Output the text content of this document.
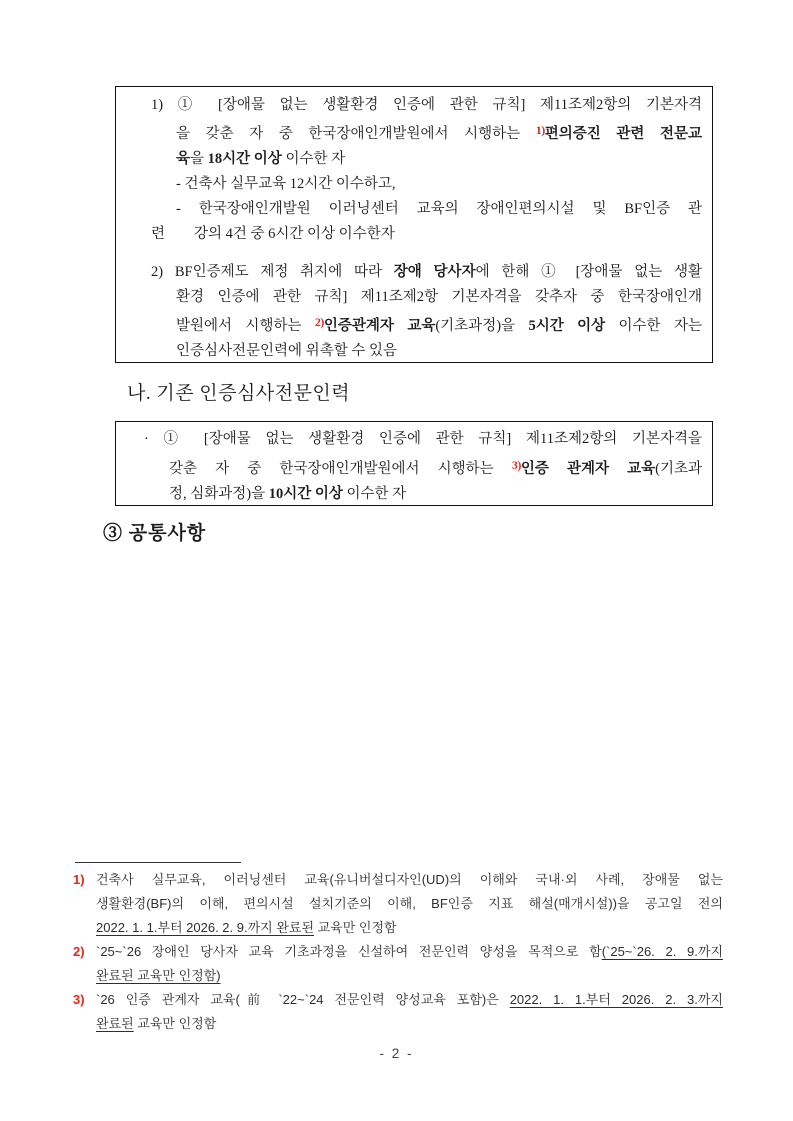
1) ① [장애물 없는 생활환경 인증에 관한 규칙] 제11조제2항의 기본자격
을 갖춘 자 중 한국장애인개발원에서 시행하는 $^{1)}$편의증진 관련 전문교
육을 18시간 이상 이수한 자
- 건축사 실무교육 12시간 이수하고,
- 한국장애인개발원 이러닝센터 교육의 장애인편의시설 및 BF인증 관
련        강의 4건 중 6시간 이상 이수한자
2) BF인증제도 제정 취지에 따라 장애 당사자에 한해 ① [장애물 없는 생활
환경 인증에 관한 규칙] 제11조제2항 기본자격을 갖추자 중 한국장애인개
발원에서 시행하는 $^{2)}$인증관계자 교육(기초과정)을 5시간 이상 이수한 자는
인증심사전문인력에 위촉할 수 있음
나. 기존 인증심사전문인력
· ① [장애물 없는 생활환경 인증에 관한 규칙] 제11조제2항의 기본자격을
갖춘 자 중 한국장애인개발원에서 시행하는 $^{3)}$인증 관계자 교육(기초과
정, 심화과정)을 10시간 이상 이수한 자
③ 공통사항
1) 건축사 실무교육, 이러닝센터 교육(유니버설디자인(UD)의 이해와 국내·외 사례, 장애물 없는
생활환경(BF)의 이해, 편의시설 설치기준의 이해, BF인증 지표 해설(매개시설))을 공고일 전의
2022. 1. 1.부터 2026. 2. 9.까지 완료된 교육만 인정함
2) `25~`26 장애인 당사자 교육 기초과정을 신설하여 전문인력 양성을 목적으로 함(`25~`26. 2. 9.까지
완료된 교육만 인정함)
3) `26 인증 관계자 교육(前 `22~`24 전문인력 양성교육 포함)은 2022. 1. 1.부터 2026. 2. 3.까지
완료된 교육만 인정함
- 2 -
